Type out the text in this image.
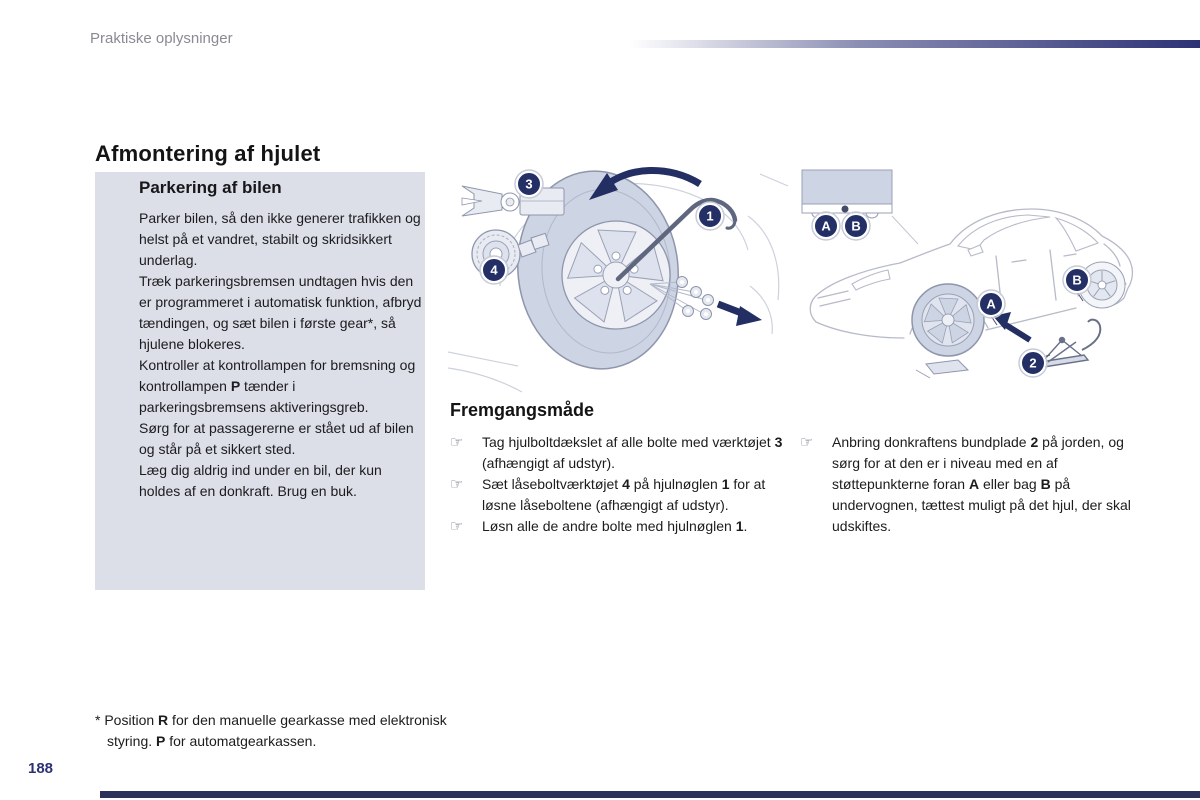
Praktiske oplysninger
Afmontering af hjulet
Parkering af bilen

Parker bilen, så den ikke generer trafikken og helst på et vandret, stabilt og skridsikkert underlag.

Træk parkeringsbremsen undtagen hvis den er programmeret i automatisk funktion, afbryd tændingen, og sæt bilen i første gear*, så hjulene blokeres.

Kontroller at kontrollampen for bremsning og kontrollampen P tænder i parkeringsbremsens aktiveringsgreb.

Sørg for at passagererne er stået ud af bilen og står på et sikkert sted.

Læg dig aldrig ind under en bil, der kun holdes af en donkraft. Brug en buk.

1
3
4
A B
A
B
2
Fremgangsmåde
☞	Tag hjulboltdækslet af alle bolte med værktøjet 3 (afhængigt af udstyr).
☞	Sæt låseboltværktøjet 4 på hjulnøglen 1 for at løsne låseboltene (afhængigt af udstyr).
☞	Løsn alle de andre bolte med hjulnøglen 1.
☞	Anbring donkraftens bundplade 2 på jorden, og sørg for at den er i niveau med en af støttepunkterne foran A eller bag B på undervognen, tættest muligt på det hjul, der skal udskiftes.
* Position R for den manuelle gearkasse med elektronisk styring. P for automatgearkassen.
188
